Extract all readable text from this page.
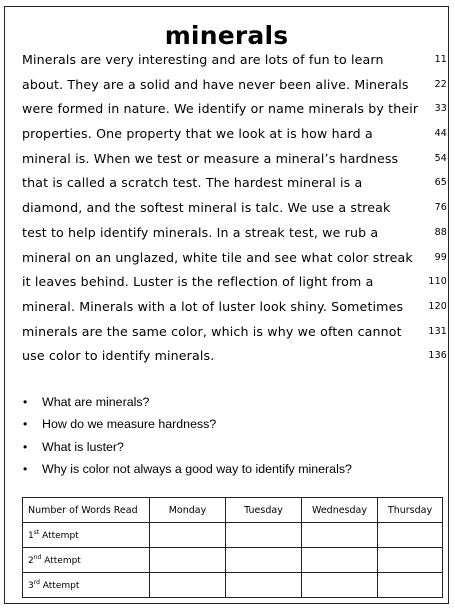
minerals
Minerals are very interesting and are lots of fun to learn	11
about. They are a solid and have never been alive. Minerals	22
were formed in nature. We identify or name minerals by their	33
properties. One property that we look at is how hard a	44
mineral is. When we test or measure a mineral’s hardness	54
that is called a scratch test. The hardest mineral is a	65
diamond, and the softest mineral is talc. We use a streak	76
test to help identify minerals. In a streak test, we rub a	88
mineral on an unglazed, white tile and see what color streak	99
it leaves behind. Luster is the reflection of light from a	110
mineral. Minerals with a lot of luster look shiny. Sometimes	120
minerals are the same color, which is why we often cannot	131
use color to identify minerals.	136
• What are minerals?
• How do we measure hardness?
• What is luster?
• Why is color not always a good way to identify minerals?
Number of Words Read	Monday	Tuesday	Wednesday	Thursday
1st Attempt				
2nd Attempt				
3rd Attempt				
